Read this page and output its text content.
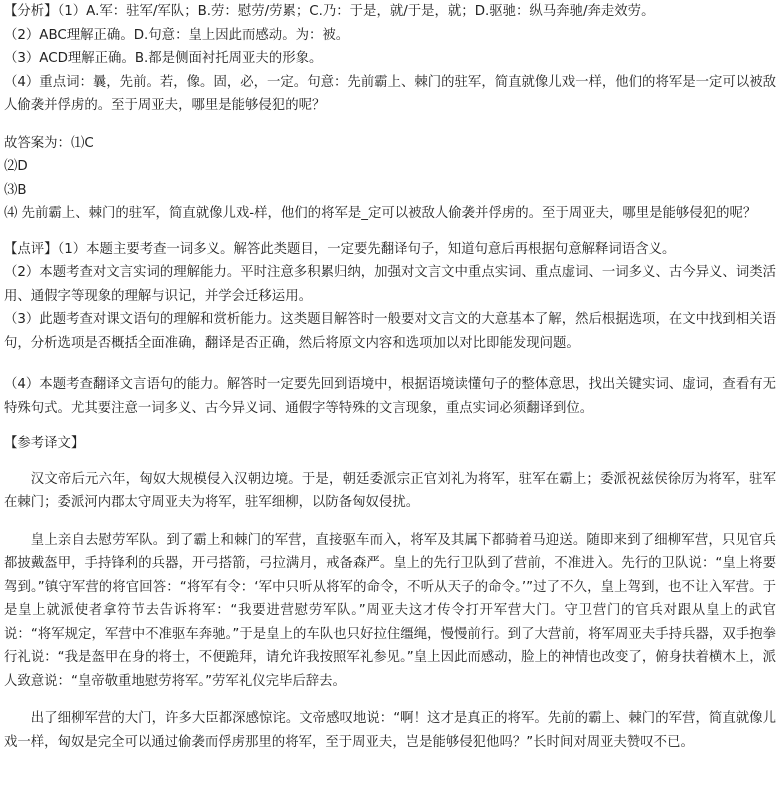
【分析】（1）A.军：驻军/军队；B.劳：慰劳/劳累；C.乃：于是，就/于是，就；D.驱驰：纵马奔驰/奔走效劳。
（2）ABC理解正确。D.句意：皇上因此而感动。为：被。
（3）ACD理解正确。B.都是侧面衬托周亚夫的形象。
（4）重点词：曩，先前。若，像。固，必，一定。句意：先前霸上、棘门的驻军，简直就像儿戏一样，他们的将军是一定可以被敌人偷袭并俘虏的。至于周亚夫，哪里是能够侵犯的呢？
故答案为：⑴C
⑵D
⑶B
⑷ 先前霸上、棘门的驻军，简直就像儿戏-样，他们的将军是_定可以被敌人偷袭并俘虏的。至于周亚夫，哪里是能够侵犯的呢？
【点评】（1）本题主要考查一词多义。解答此类题目，一定要先翻译句子，知道句意后再根据句意解释词语含义。
（2）本题考查对文言实词的理解能力。平时注意多积累归纳，加强对文言文中重点实词、重点虚词、一词多义、古今异义、词类活用、通假字等现象的理解与识记，并学会迁移运用。
（3）此题考查对课文语句的理解和赏析能力。这类题目解答时一般要对文言文的大意基本了解，然后根据选项，在文中找到相关语句，分析选项是否概括全面准确，翻译是否正确，然后将原文内容和选项加以对比即能发现问题。
（4）本题考查翻译文言语句的能力。解答时一定要先回到语境中，根据语境读懂句子的整体意思，找出关键实词、虚词，查看有无特殊句式。尤其要注意一词多义、古今异义词、通假字等特殊的文言现象，重点实词必须翻译到位。
【参考译文】
汉文帝后元六年，匈奴大规模侵入汉朝边境。于是，朝廷委派宗正官刘礼为将军，驻军在霸上；委派祝兹侯徐厉为将军，驻军在棘门；委派河内郡太守周亚夫为将军，驻军细柳，以防备匈奴侵扰。
皇上亲自去慰劳军队。到了霸上和棘门的军营，直接驱车而入，将军及其属下都骑着马迎送。随即来到了细柳军营，只见官兵都披戴盔甲，手持锋利的兵器，开弓搭箭，弓拉满月，戒备森严。皇上的先行卫队到了营前，不准进入。先行的卫队说：“皇上将要驾到。”镇守军营的将官回答：“将军有令：‘军中只听从将军的命令，不听从天子的命令。’”过了不久，皇上驾到，也不让入军营。于是皇上就派使者拿符节去告诉将军：“我要进营慰劳军队。”周亚夫这才传令打开军营大门。守卫营门的官兵对跟从皇上的武官说：“将军规定，军营中不准驱车奔驰。”于是皇上的车队也只好拉住缰绳，慢慢前行。到了大营前，将军周亚夫手持兵器，双手抱拳行礼说：“我是盔甲在身的将士，不便跪拜，请允许我按照军礼参见。”皇上因此而感动，脸上的神情也改变了，俯身扶着横木上，派人致意说：“皇帝敬重地慰劳将军。”劳军礼仪完毕后辞去。
出了细柳军营的大门，许多大臣都深感惊诧。文帝感叹地说：“啊！这才是真正的将军。先前的霸上、棘门的军营，简直就像儿戏一样，匈奴是完全可以通过偷袭而俘虏那里的将军，至于周亚夫，岂是能够侵犯他吗？”长时间对周亚夫赞叹不已。
